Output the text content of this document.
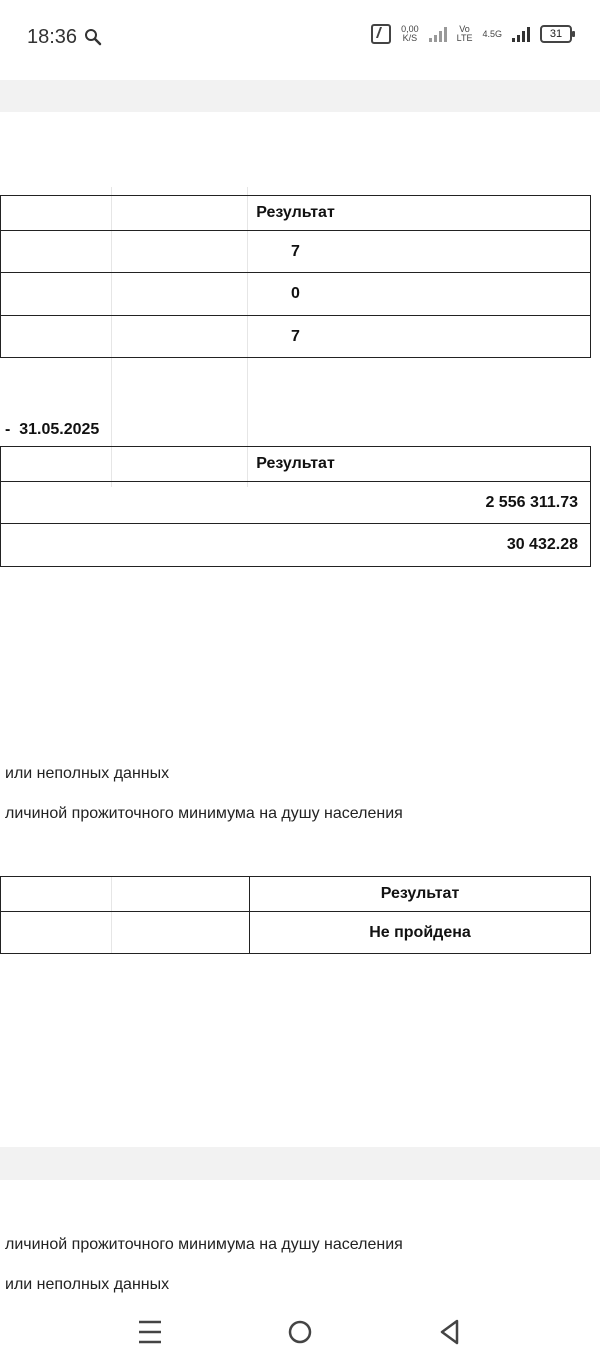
18:36	0,00
K/S
Vo
LTE 4.5G	31
Результат
7
0
7
- 31.05.2025
Результат
2 556 311.73
30 432.28
или неполных данных
личиной прожиточного минимума на душу населения
	Результат
	Не пройдена
личиной прожиточного минимума на душу населения
или неполных данных
